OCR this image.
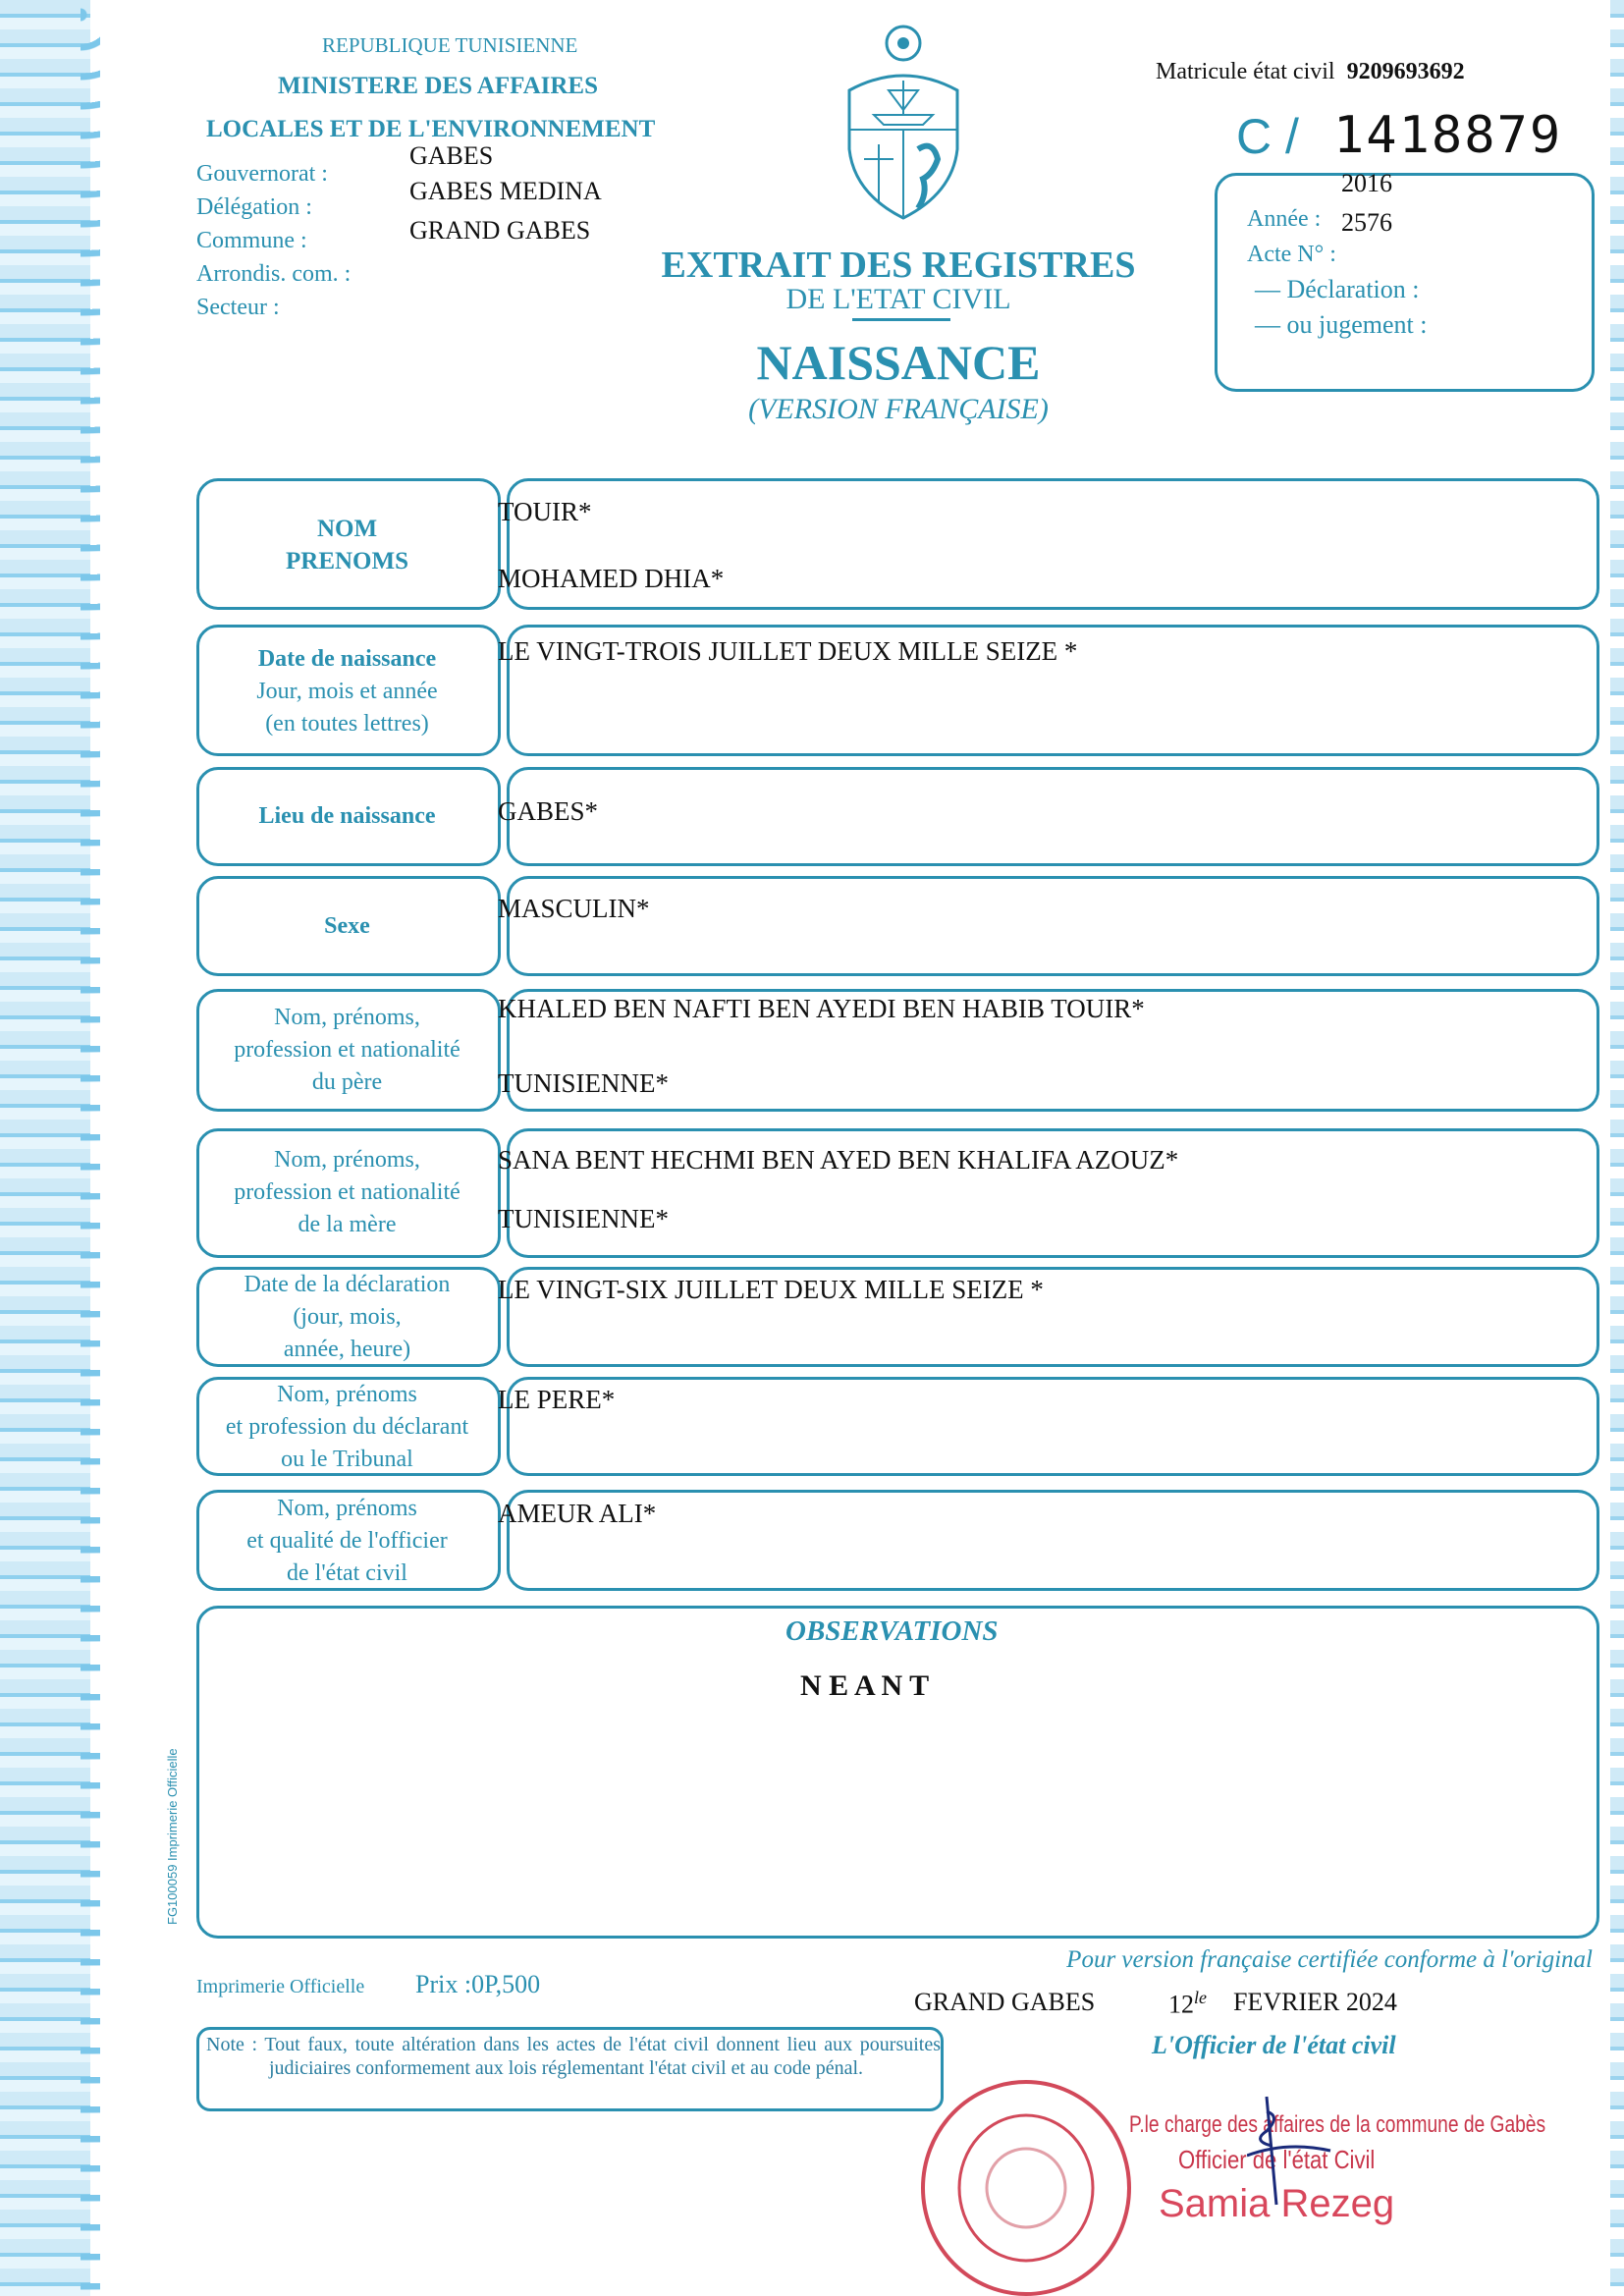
REPUBLIQUE TUNISIENNE
MINISTERE DES AFFAIRES
LOCALES ET DE L'ENVIRONNEMENT
Gouvernorat :
Délégation :
Commune :
Arrondis. com. :
Secteur :
GABES
GABES MEDINA
GRAND GABES
Matricule état civil 9209693692
C / 1418879
2016
Année : 2576
Acte N° :
— Déclaration :
— ou jugement :
EXTRAIT DES REGISTRES
DE L'ETAT CIVIL
NAISSANCE
(VERSION FRANÇAISE)
NOM
PRENOMS
TOUIR*
MOHAMED DHIA*
Date de naissance
Jour, mois et année
(en toutes lettres)
LE VINGT-TROIS JUILLET DEUX MILLE SEIZE *
Lieu de naissance GABES*
Sexe
MASCULIN*
Nom, prénoms,
profession et nationalité
du père
KHALED BEN NAFTI BEN AYEDI BEN HABIB TOUIR*
TUNISIENNE*
Nom, prénoms,
profession et nationalité
de la mère
SANA BENT HECHMI BEN AYED BEN KHALIFA AZOUZ*
TUNISIENNE*
Date de la déclaration
(jour, mois,
année, heure)
LE VINGT-SIX JUILLET DEUX MILLE SEIZE *
Nom, prénoms
et profession du déclarant
ou le Tribunal
LE PERE*
Nom, prénoms
et qualité de l'officier
de l'état civil
AMEUR ALI*
OBSERVATIONS
N E A N T
FG100059 Imprimerie Officielle
Pour version française certifiée conforme à l'original
Imprimerie Officielle Prix :0P,500
GRAND GABES	$12^{le}$ FEVRIER 2024
L'Officier de l'état civil
Note : Tout faux, toute altération dans les actes de l'état civil donnent lieu aux poursuites judiciaires conformement aux lois réglementant l'état civil et au code pénal.
P.le charge des affaires de la commune de Gabès
Officier de l'état Civil
Samia Rezeg
